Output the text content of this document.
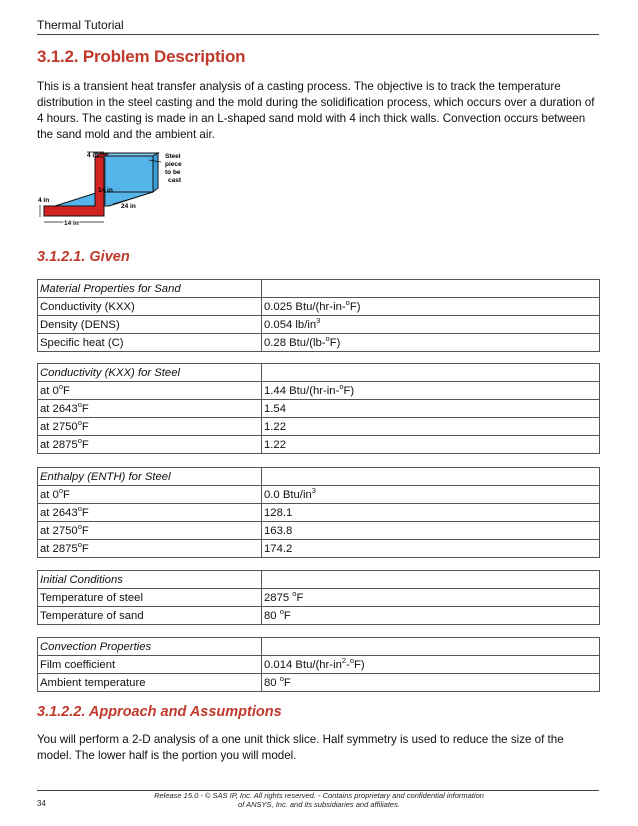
Thermal Tutorial
3.1.2. Problem Description

This is a transient heat transfer analysis of a casting process. The objective is to track the temperature distribution in the steel casting and the mold during the solidification process, which occurs over a duration of 4 hours. The casting is made in an L-shaped sand mold with 4 inch thick walls. Convection occurs between the sand mold and the ambient air.

4 in
14 in
4 in
14 in
24 in
Steel
piece
to be
cast
3.1.2.1. Given
Material Properties for Sand	
Conductivity (KXX)	0.025 Btu/(hr-in-$^o$F)
Density (DENS)	0.054 $lb/in^3$
Specific heat (C)	0.28 Btu/(lb-$^o$F)
Conductivity (KXX) for Steel	
at 0$^o$F	1.44 Btu/(hr-in-$^o$F)
at 2643$^o$F	1.54
at 2750$^o$F	1.22
at 2875$^o$F	1.22
Enthalpy (ENTH) for Steel	
at 0$^o$F	0.0 Btu/$in^3$
at 2643$^o$F	128.1
at 2750$^o$F	163.8
at 2875$^o$F	174.2
Initial Conditions	
Temperature of steel	2875 $^o$F
Temperature of sand	80 $^o$F
Convection Properties	
Film coefficient	0.014 Btu/$(hr-in^2-^oF)$
Ambient temperature	80 $^o$F
3.1.2.2. Approach and Assumptions

You will perform a 2-D analysis of a one unit thick slice. Half symmetry is used to reduce the size of the model. The lower half is the portion you will model.

Release 15.0 - © SAS IP, Inc. All rights reserved. - Contains proprietary and confidential information
of ANSYS, Inc. and its subsidiaries and affiliates.
34
